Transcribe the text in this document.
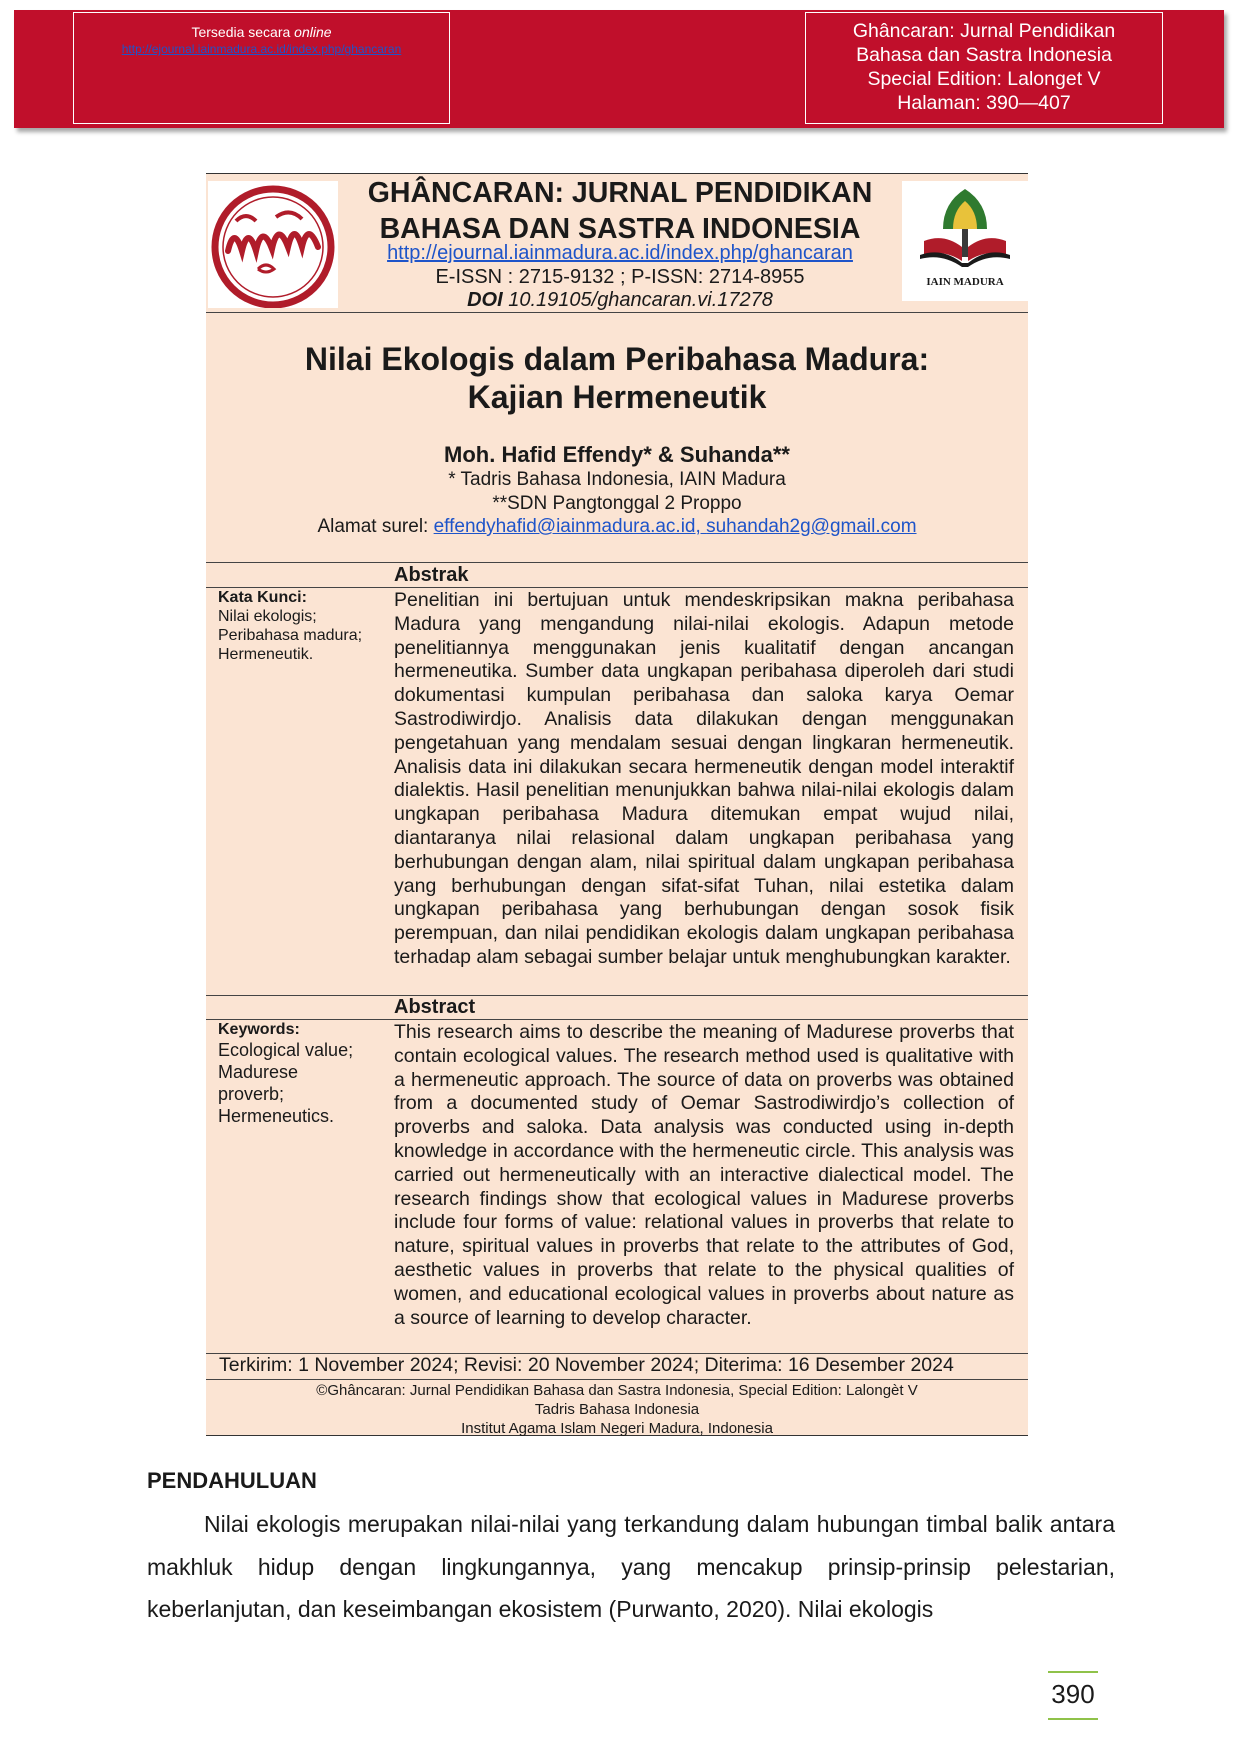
Tersedia secara online
http://ejournal.iainmadura.ac.id/index.php/ghancaran
Ghâncaran: Jurnal Pendidikan
Bahasa dan Sastra Indonesia
Special Edition: Lalonget V
Halaman: 390—407
IAIN MADURA
GHÂNCARAN: JURNAL PENDIDIKAN
BAHASA DAN SASTRA INDONESIA
http://ejournal.iainmadura.ac.id/index.php/ghancaran
E-ISSN : 2715-9132 ; P-ISSN: 2714-8955
DOI 10.19105/ghancaran.vi.17278
Nilai Ekologis dalam Peribahasa Madura:
Kajian Hermeneutik
Moh. Hafid Effendy* & Suhanda**
* Tadris Bahasa Indonesia, IAIN Madura
**SDN Pangtonggal 2 Proppo
Alamat surel: effendyhafid@iainmadura.ac.id, suhandah2g@gmail.com
Abstrak
Kata Kunci:
Nilai ekologis;
Peribahasa madura;
Hermeneutik.
Penelitian ini bertujuan untuk mendeskripsikan makna peribahasa Madura yang mengandung nilai-nilai ekologis. Adapun metode penelitiannya menggunakan jenis kualitatif dengan ancangan hermeneutika. Sumber data ungkapan peribahasa diperoleh dari studi dokumentasi kumpulan peribahasa dan saloka karya Oemar Sastrodiwirdjo. Analisis data dilakukan dengan menggunakan pengetahuan yang mendalam sesuai dengan lingkaran hermeneutik. Analisis data ini dilakukan secara hermeneutik dengan model interaktif dialektis. Hasil penelitian menunjukkan bahwa nilai-nilai ekologis dalam ungkapan peribahasa Madura ditemukan empat wujud nilai, diantaranya nilai relasional dalam ungkapan peribahasa yang berhubungan dengan alam, nilai spiritual dalam ungkapan peribahasa yang berhubungan dengan sifat-sifat Tuhan, nilai estetika dalam ungkapan peribahasa yang berhubungan dengan sosok fisik perempuan, dan nilai pendidikan ekologis dalam ungkapan peribahasa terhadap alam sebagai sumber belajar untuk menghubungkan karakter.
Abstract
Keywords:
Ecological value;
Madurese
proverb;
Hermeneutics.
This research aims to describe the meaning of Madurese proverbs that contain ecological values. The research method used is qualitative with a hermeneutic approach. The source of data on proverbs was obtained from a documented study of Oemar Sastrodiwirdjo’s collection of proverbs and saloka. Data analysis was conducted using in-depth knowledge in accordance with the hermeneutic circle. This analysis was carried out hermeneutically with an interactive dialectical model. The research findings show that ecological values in Madurese proverbs include four forms of value: relational values in proverbs that relate to nature, spiritual values in proverbs that relate to the attributes of God, aesthetic values in proverbs that relate to the physical qualities of women, and educational ecological values in proverbs about nature as a source of learning to develop character.
Terkirim: 1 November 2024; Revisi: 20 November 2024; Diterima: 16 Desember 2024
©Ghâncaran: Jurnal Pendidikan Bahasa dan Sastra Indonesia, Special Edition: Lalongèt V
Tadris Bahasa Indonesia
Institut Agama Islam Negeri Madura, Indonesia
PENDAHULUAN
Nilai ekologis merupakan nilai-nilai yang terkandung dalam hubungan timbal balik antara makhluk hidup dengan lingkungannya, yang mencakup prinsip-prinsip pelestarian, keberlanjutan, dan keseimbangan ekosistem (Purwanto, 2020). Nilai ekologis
390
